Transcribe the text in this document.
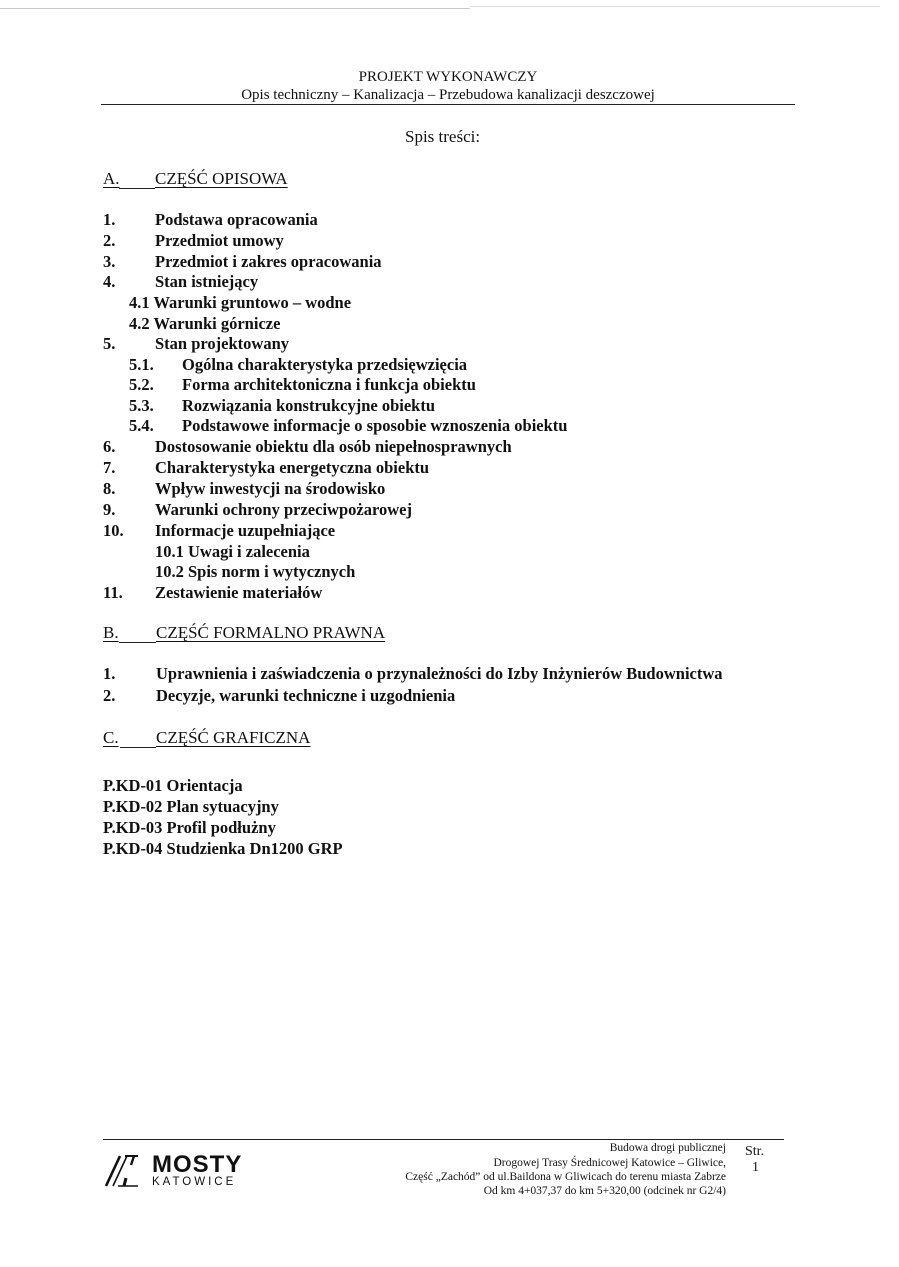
PROJEKT WYKONAWCZY
Opis techniczny – Kanalizacja – Przebudowa kanalizacji deszczowej
Spis treści:
A. CZĘŚĆ OPISOWA
1. Podstawa opracowania
2. Przedmiot umowy
3. Przedmiot i zakres opracowania
4. Stan istniejący
4.1 Warunki gruntowo – wodne
4.2 Warunki górnicze
5. Stan projektowany
5.1. Ogólna charakterystyka przedsięwzięcia
5.2. Forma architektoniczna i funkcja obiektu
5.3. Rozwiązania konstrukcyjne obiektu
5.4. Podstawowe informacje o sposobie wznoszenia obiektu
6. Dostosowanie obiektu dla osób niepełnosprawnych
7. Charakterystyka energetyczna obiektu
8. Wpływ inwestycji na środowisko
9. Warunki ochrony przeciwpożarowej
10. Informacje uzupełniające
10.1 Uwagi i zalecenia
10.2 Spis norm i wytycznych
11. Zestawienie materiałów
B. CZĘŚĆ FORMALNO PRAWNA
1. Uprawnienia i zaświadczenia o przynależności do Izby Inżynierów Budownictwa
2. Decyzje, warunki techniczne i uzgodnienia
C. CZĘŚĆ GRAFICZNA
P.KD-01 Orientacja
P.KD-02 Plan sytuacyjny
P.KD-03 Profil podłużny
P.KD-04 Studzienka Dn1200 GRP
MOSTY
KATOWICE
Budowa drogi publicznej
Drogowej Trasy Średnicowej Katowice – Gliwice,
Część „Zachód” od ul.Baildona w Gliwicach do terenu miasta Zabrze
Od km 4+037,37 do km 5+320,00 (odcinek nr G2/4)
Str.
1
